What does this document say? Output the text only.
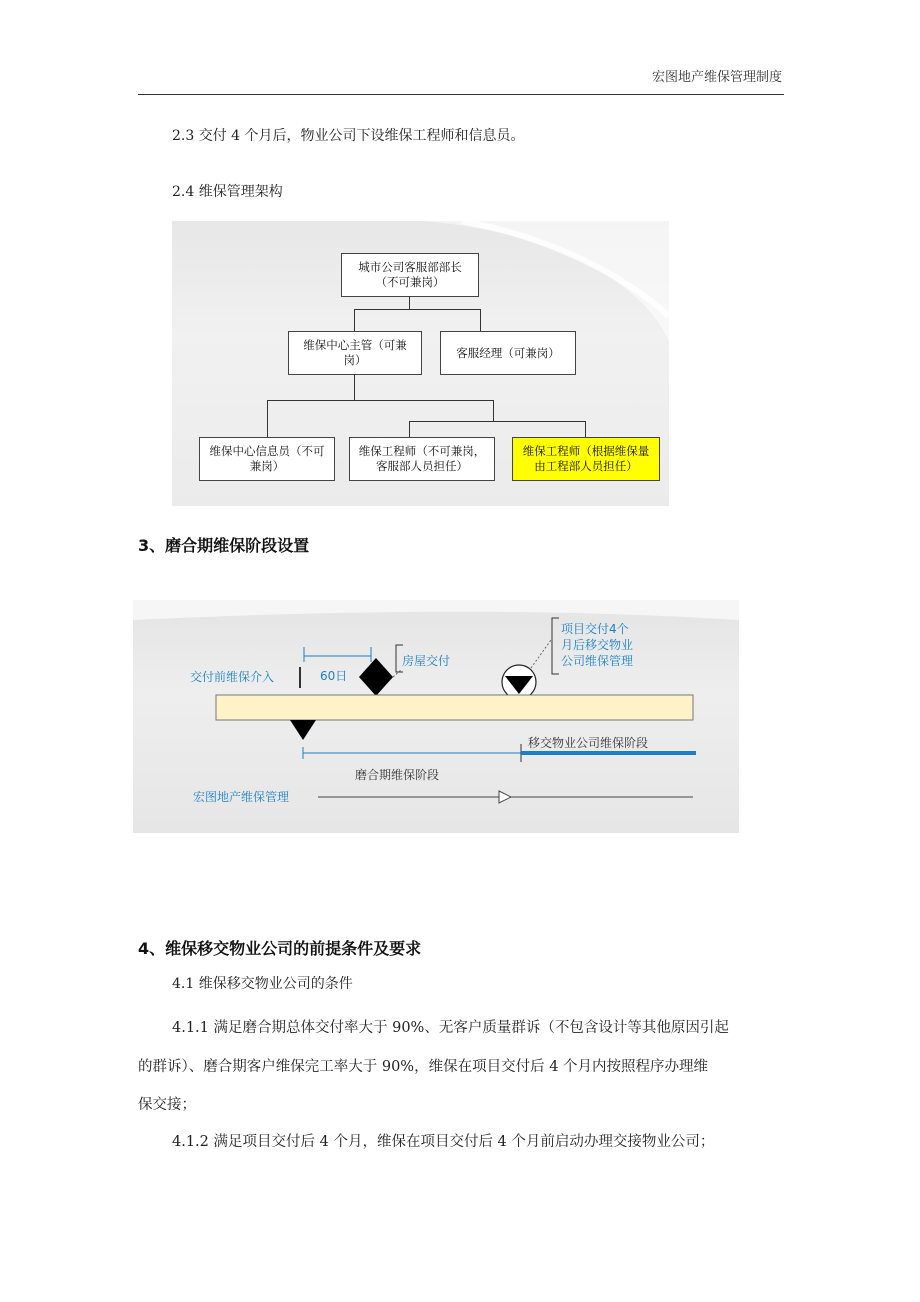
宏图地产维保管理制度
2.3 交付 4 个月后，物业公司下设维保工程师和信息员。
2.4 维保管理架构
城市公司客服部部长
（不可兼岗）
维保中心主管（可兼
岗）
客服经理（可兼岗）
维保中心信息员（不可
兼岗）
维保工程师（不可兼岗，
客服部人员担任）
维保工程师（根据维保量
由工程部人员担任）
3、磨合期维保阶段设置
交付前维保介入	60日
房屋交付
项目交付4个
月后移交物业
公司维保管理
移交物业公司维保阶段
磨合期维保阶段
宏图地产维保管理
4、维保移交物业公司的前提条件及要求
4.1 维保移交物业公司的条件
4.1.1 满足磨合期总体交付率大于 90%、无客户质量群诉（不包含设计等其他原因引起
的群诉）、磨合期客户维保完工率大于 90%，维保在项目交付后 4 个月内按照程序办理维
保交接；
4.1.2 满足项目交付后 4 个月，维保在项目交付后 4 个月前启动办理交接物业公司；
